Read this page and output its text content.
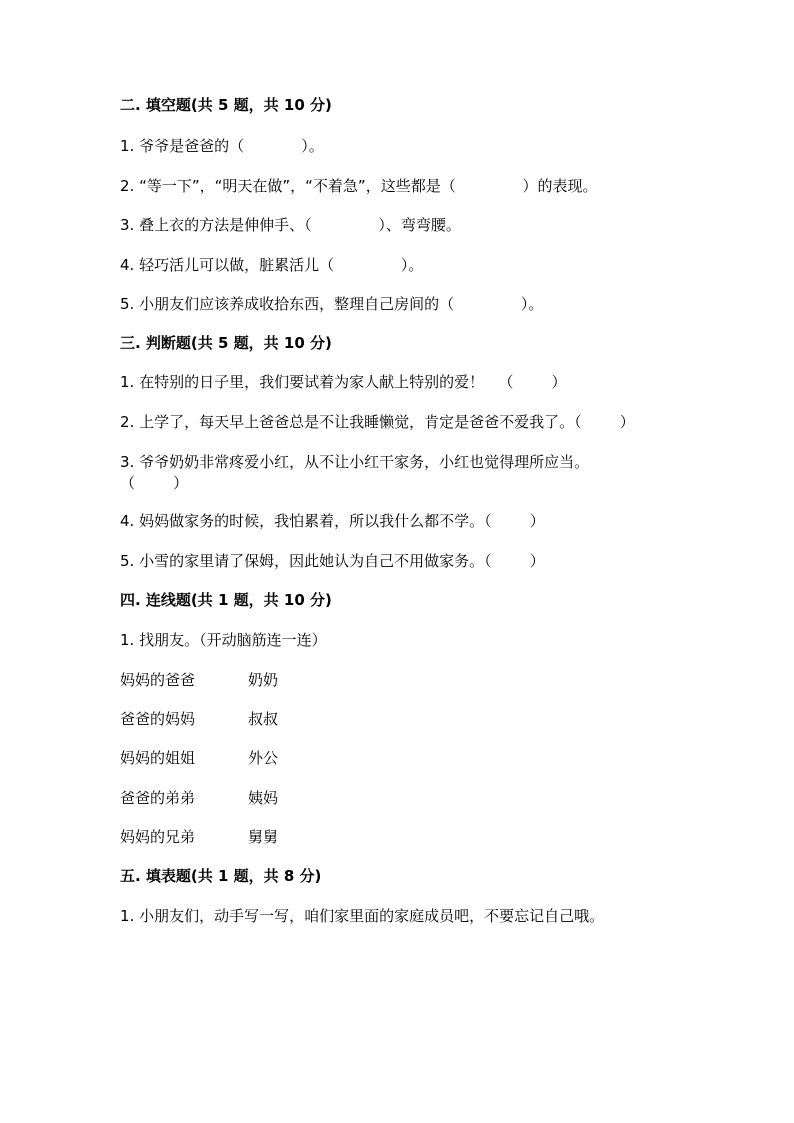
二. 填空题(共 5 题，共 10 分)
1. 爷爷是爸爸的（            ）。
2. “等一下”，“明天在做”，“不着急”，这些都是（              ）的表现。
3. 叠上衣的方法是伸伸手、（              ）、弯弯腰。
4. 轻巧活儿可以做，脏累活儿（              ）。
5. 小朋友们应该养成收拾东西，整理自己房间的（              ）。
三. 判断题(共 5 题，共 10 分)
1. 在特别的日子里，我们要试着为家人献上特别的爱！   （        ）
2. 上学了，每天早上爸爸总是不让我睡懒觉，肯定是爸爸不爱我了。（        ）
3. 爷爷奶奶非常疼爱小红，从不让小红干家务，小红也觉得理所应当。
（        ）
4. 妈妈做家务的时候，我怕累着，所以我什么都不学。（        ）
5. 小雪的家里请了保姆，因此她认为自己不用做家务。（        ）
四. 连线题(共 1 题，共 10 分)
1. 找朋友。（开动脑筋连一连）
妈妈的爸爸	奶奶
爸爸的妈妈	叔叔
妈妈的姐姐	外公
爸爸的弟弟	姨妈
妈妈的兄弟	舅舅
五. 填表题(共 1 题，共 8 分)
1. 小朋友们，动手写一写，咱们家里面的家庭成员吧，不要忘记自己哦。
